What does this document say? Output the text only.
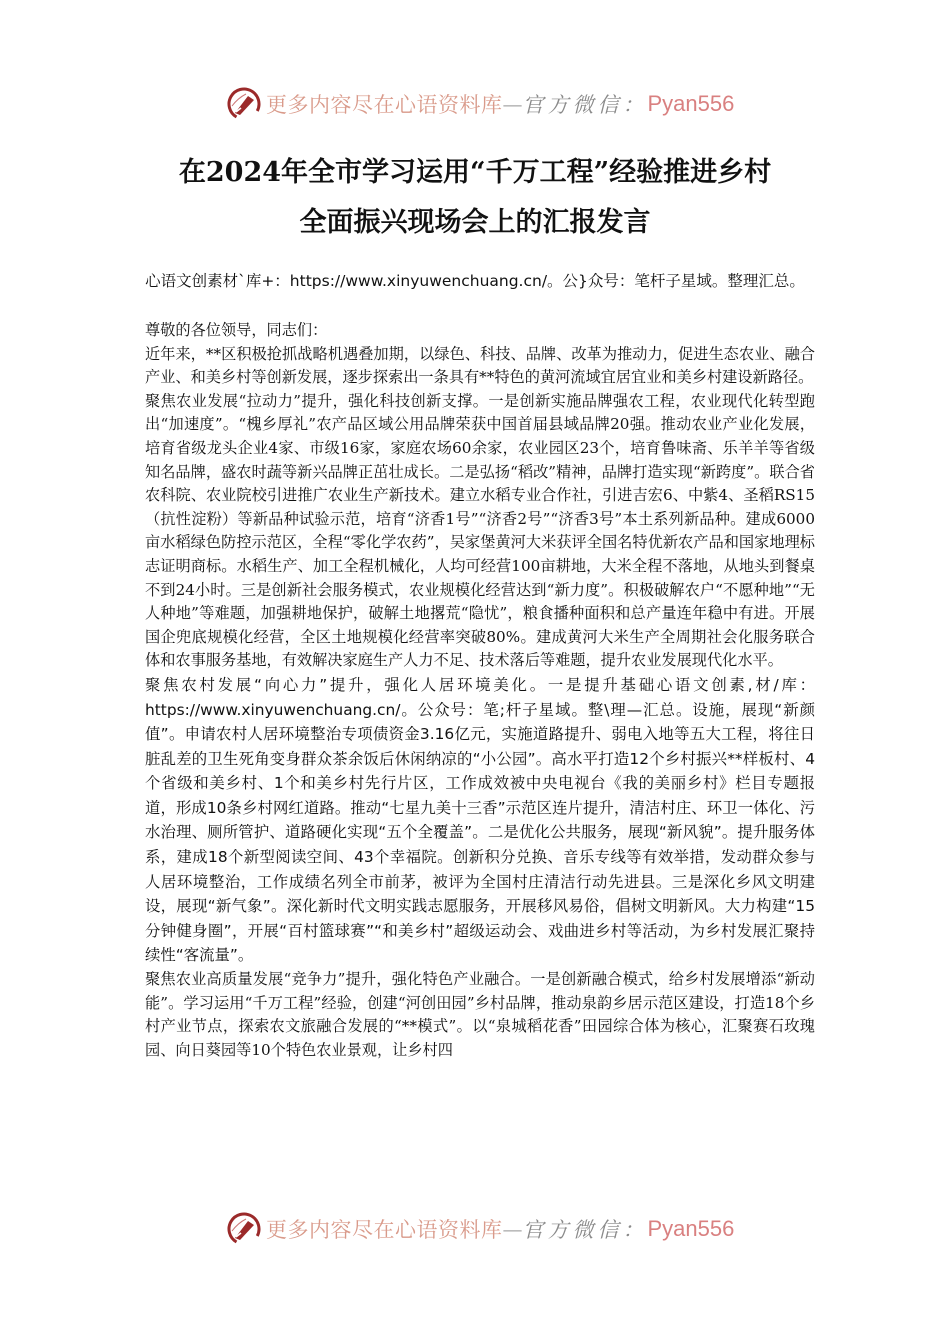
更多内容尽在心语资料库 — 官方微信： Pyan556
在2024年全市学习运用“千万工程”经验推进乡村
全面振兴现场会上的汇报发言
心语文创素材`库+：https://www.xinyuwenchuang.cn/。公}众号：笔杆子星域。整理汇总。

尊敬的各位领导，同志们：

近年来，**区积极抢抓战略机遇叠加期，以绿色、科技、品牌、改革为推动力，促进生态农业、融合产业、和美乡村等创新发展，逐步探索出一条具有**特色的黄河流域宜居宜业和美乡村建设新路径。

聚焦农业发展“拉动力”提升，强化科技创新支撑。一是创新实施品牌强农工程，农业现代化转型跑出“加速度”。“槐乡厚礼”农产品区域公用品牌荣获中国首届县域品牌20强。推动农业产业化发展，培育省级龙头企业4家、市级16家，家庭农场60余家，农业园区23个，培育鲁味斋、乐羊羊等省级知名品牌，盛农时蔬等新兴品牌正茁壮成长。二是弘扬“稻改”精神，品牌打造实现“新跨度”。联合省农科院、农业院校引进推广农业生产新技术。建立水稻专业合作社，引进吉宏6、中紫4、圣稻RS15（抗性淀粉）等新品种试验示范，培育“济香1号”“济香2号”“济香3号”本土系列新品种。建成6000亩水稻绿色防控示范区，全程“零化学农药”，吴家堡黄河大米获评全国名特优新农产品和国家地理标志证明商标。水稻生产、加工全程机械化，人均可经营100亩耕地，大米全程不落地，从地头到餐桌不到24小时。三是创新社会服务模式，农业规模化经营达到“新力度”。积极破解农户“不愿种地”“无人种地”等难题，加强耕地保护，破解土地撂荒“隐忧”，粮食播种面积和总产量连年稳中有进。开展国企兜底规模化经营，全区土地规模化经营率突破80%。建成黄河大米生产全周期社会化服务联合体和农事服务基地，有效解决家庭生产人力不足、技术落后等难题，提升农业发展现代化水平。

聚焦农村发展“向心力”提升，强化人居环境美化。一是提升基础心语文创素,材/库：https://www.xinyuwenchuang.cn/。公众号：笔;杆子星域。整\理—汇总。设施，展现“新颜值”。申请农村人居环境整治专项债资金3.16亿元，实施道路提升、弱电入地等五大工程，将往日脏乱差的卫生死角变身群众茶余饭后休闲纳凉的“小公园”。高水平打造12个乡村振兴**样板村、4个省级和美乡村、1个和美乡村先行片区，工作成效被中央电视台《我的美丽乡村》栏目专题报道，形成10条乡村网红道路。推动“七星九美十三香”示范区连片提升，清洁村庄、环卫一体化、污水治理、厕所管护、道路硬化实现“五个全覆盖”。二是优化公共服务，展现“新风貌”。提升服务体系，建成18个新型阅读空间、43个幸福院。创新积分兑换、音乐专线等有效举措，发动群众参与人居环境整治，工作成绩名列全市前茅，被评为全国村庄清洁行动先进县。三是深化乡风文明建设，展现“新气象”。深化新时代文明实践志愿服务，开展移风易俗，倡树文明新风。大力构建“15分钟健身圈”，开展“百村篮球赛”“和美乡村”超级运动会、戏曲进乡村等活动，为乡村发展汇聚持续性“客流量”。

聚焦农业高质量发展“竞争力”提升，强化特色产业融合。一是创新融合模式，给乡村发展增添“新动能”。学习运用“千万工程”经验，创建“河创田园”乡村品牌，推动泉韵乡居示范区建设，打造18个乡村产业节点，探索农文旅融合发展的“**模式”。以“泉城稻花香”田园综合体为核心，汇聚赛石玫瑰园、向日葵园等10个特色农业景观，让乡村四

更多内容尽在心语资料库 — 官方微信： Pyan556
